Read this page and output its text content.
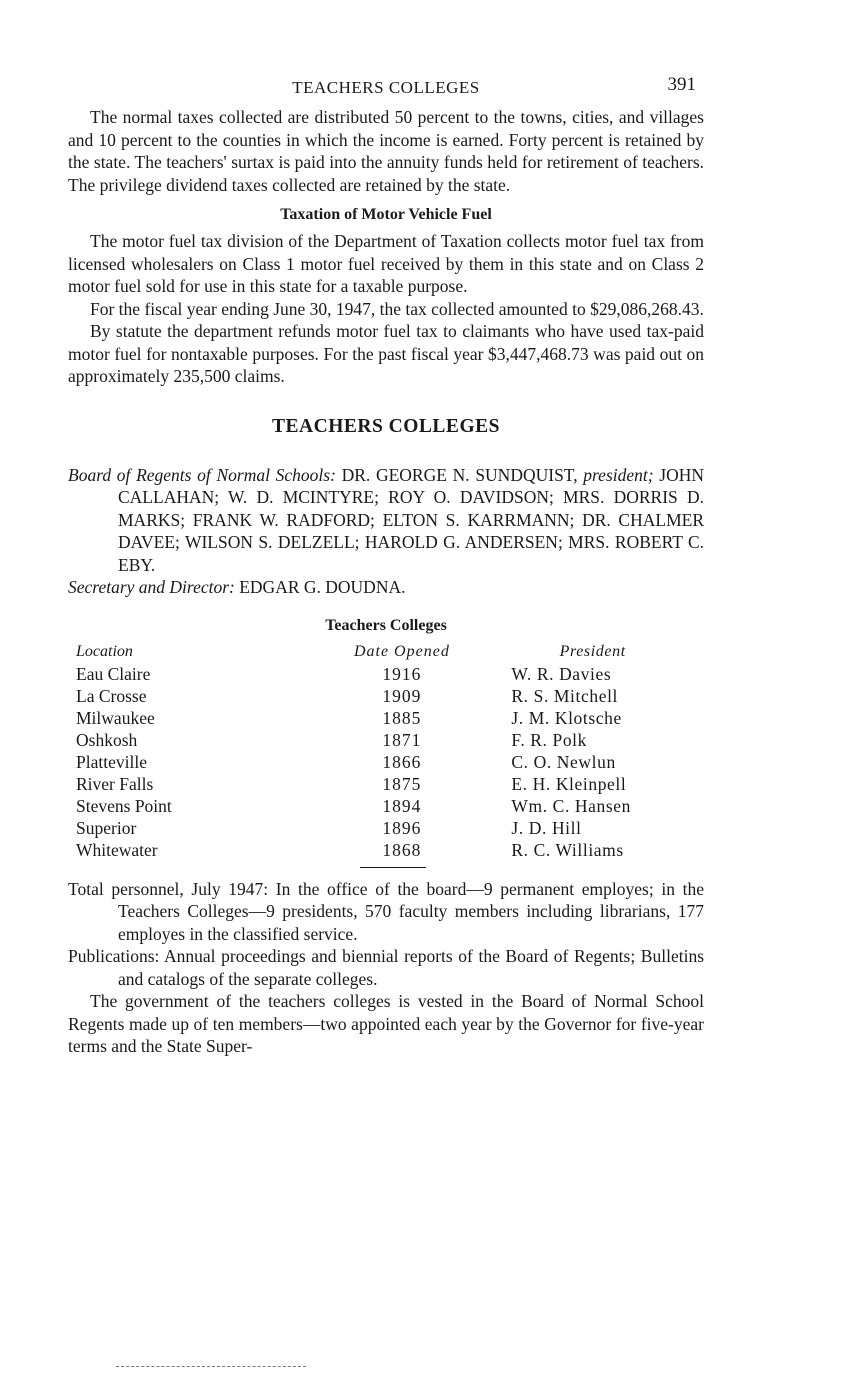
TEACHERS COLLEGES	391

The normal taxes collected are distributed 50 percent to the towns, cities, and villages and 10 percent to the counties in which the income is earned. Forty percent is retained by the state. The teachers' surtax is paid into the annuity funds held for retirement of teachers. The privilege dividend taxes collected are retained by the state.

Taxation of Motor Vehicle Fuel

The motor fuel tax division of the Department of Taxation collects motor fuel tax from licensed wholesalers on Class 1 motor fuel received by them in this state and on Class 2 motor fuel sold for use in this state for a taxable purpose.

For the fiscal year ending June 30, 1947, the tax collected amounted to $29,086,268.43.

By statute the department refunds motor fuel tax to claimants who have used tax-paid motor fuel for nontaxable purposes. For the past fiscal year $3,447,468.73 was paid out on approximately 235,500 claims.

TEACHERS COLLEGES

Board of Regents of Normal Schools: DR. GEORGE N. SUNDQUIST, president; JOHN CALLAHAN; W. D. MCINTYRE; ROY O. DAVIDSON; MRS. DORRIS D. MARKS; FRANK W. RADFORD; ELTON S. KARRMANN; DR. CHALMER DAVEE; WILSON S. DELZELL; HAROLD G. ANDERSEN; MRS. ROBERT C. EBY.

Secretary and Director: EDGAR G. DOUDNA.

Teachers Colleges
Location	Date Opened	President
Eau Claire	1916	W. R. Davies
La Crosse	1909	R. S. Mitchell
Milwaukee	1885	J. M. Klotsche
Oshkosh	1871	F. R. Polk
Platteville	1866	C. O. Newlun
River Falls	1875	E. H. Kleinpell
Stevens Point	1894	Wm. C. Hansen
Superior	1896	J. D. Hill
Whitewater	1868	R. C. Williams

Total personnel, July 1947: In the office of the board—9 permanent employes; in the Teachers Colleges—9 presidents, 570 faculty members including librarians, 177 employes in the classified service.

Publications: Annual proceedings and biennial reports of the Board of Regents; Bulletins and catalogs of the separate colleges.

The government of the teachers colleges is vested in the Board of Normal School Regents made up of ten members—two appointed each year by the Governor for five-year terms and the State Super-
